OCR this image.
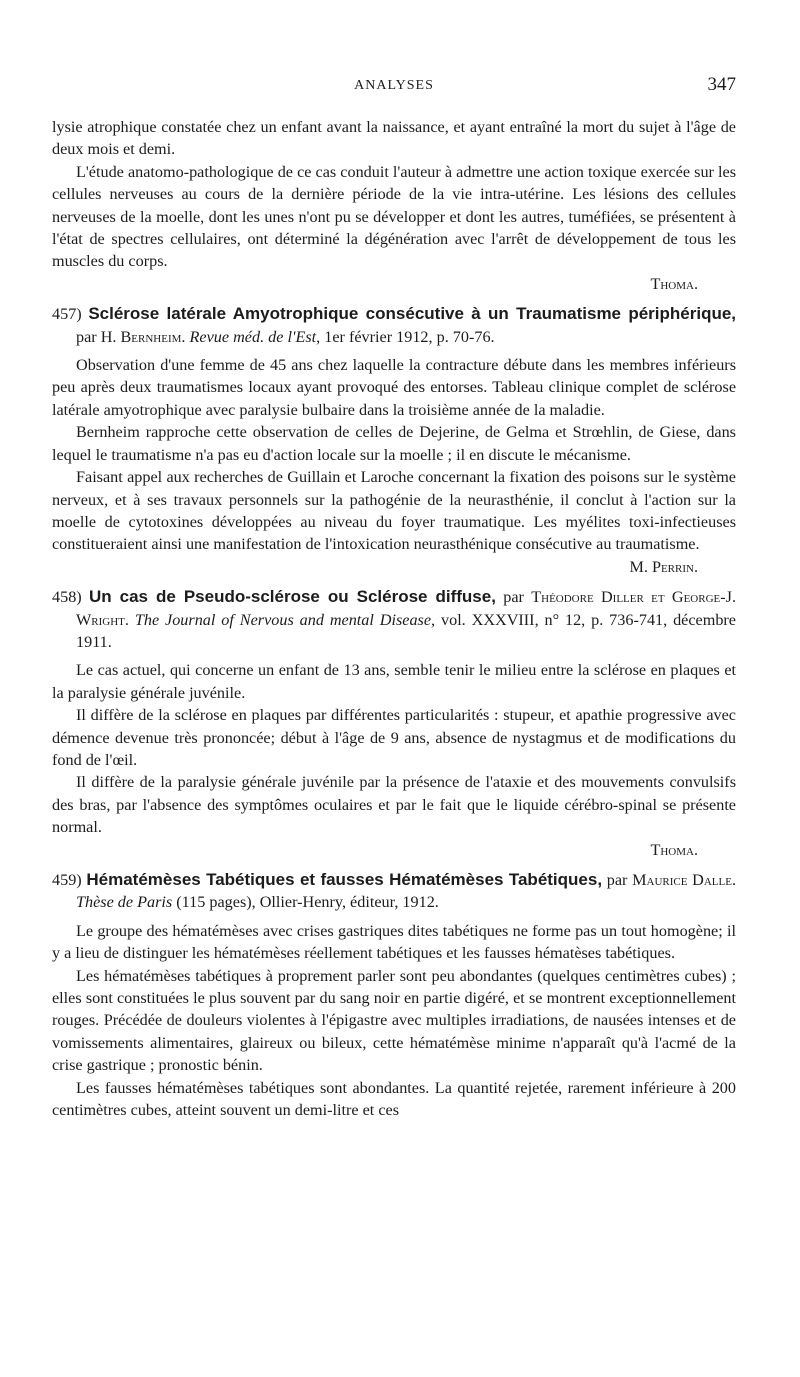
ANALYSES	347

lysie atrophique constatée chez un enfant avant la naissance, et ayant entraîné la mort du sujet à l'âge de deux mois et demi.

L'étude anatomo-pathologique de ce cas conduit l'auteur à admettre une action toxique exercée sur les cellules nerveuses au cours de la dernière période de la vie intra-utérine. Les lésions des cellules nerveuses de la moelle, dont les unes n'ont pu se développer et dont les autres, tuméfiées, se présentent à l'état de spectres cellulaires, ont déterminé la dégénération avec l'arrêt de développement de tous les muscles du corps.

Thoma.
457) Sclérose latérale Amyotrophique consécutive à un Traumatisme périphérique, par H. Bernheim. Revue méd. de l'Est, 1er février 1912, p. 70-76.

Observation d'une femme de 45 ans chez laquelle la contracture débute dans les membres inférieurs peu après deux traumatismes locaux ayant provoqué des entorses. Tableau clinique complet de sclérose latérale amyotrophique avec paralysie bulbaire dans la troisième année de la maladie.

Bernheim rapproche cette observation de celles de Dejerine, de Gelma et Strœhlin, de Giese, dans lequel le traumatisme n'a pas eu d'action locale sur la moelle ; il en discute le mécanisme.

Faisant appel aux recherches de Guillain et Laroche concernant la fixation des poisons sur le système nerveux, et à ses travaux personnels sur la pathogénie de la neurasthénie, il conclut à l'action sur la moelle de cytotoxines développées au niveau du foyer traumatique. Les myélites toxi-infectieuses constitueraient ainsi une manifestation de l'intoxication neurasthénique consécutive au traumatisme.

M. Perrin.
458) Un cas de Pseudo-sclérose ou Sclérose diffuse, par Théodore Diller et George-J. Wright. The Journal of Nervous and mental Disease, vol. XXXVIII, n° 12, p. 736-741, décembre 1911.

Le cas actuel, qui concerne un enfant de 13 ans, semble tenir le milieu entre la sclérose en plaques et la paralysie générale juvénile.

Il diffère de la sclérose en plaques par différentes particularités : stupeur, et apathie progressive avec démence devenue très prononcée; début à l'âge de 9 ans, absence de nystagmus et de modifications du fond de l'œil.

Il diffère de la paralysie générale juvénile par la présence de l'ataxie et des mouvements convulsifs des bras, par l'absence des symptômes oculaires et par le fait que le liquide cérébro-spinal se présente normal.

Thoma.
459) Hématémèses Tabétiques et fausses Hématémèses Tabétiques, par Maurice Dalle. Thèse de Paris (115 pages), Ollier-Henry, éditeur, 1912.

Le groupe des hématémèses avec crises gastriques dites tabétiques ne forme pas un tout homogène; il y a lieu de distinguer les hématémèses réellement tabétiques et les fausses hématèses tabétiques.

Les hématémèses tabétiques à proprement parler sont peu abondantes (quelques centimètres cubes) ; elles sont constituées le plus souvent par du sang noir en partie digéré, et se montrent exceptionnellement rouges. Précédée de douleurs violentes à l'épigastre avec multiples irradiations, de nausées intenses et de vomissements alimentaires, glaireux ou bileux, cette hématémèse minime n'apparaît qu'à l'acmé de la crise gastrique ; pronostic bénin.

Les fausses hématémèses tabétiques sont abondantes. La quantité rejetée, rarement inférieure à 200 centimètres cubes, atteint souvent un demi-litre et ces
